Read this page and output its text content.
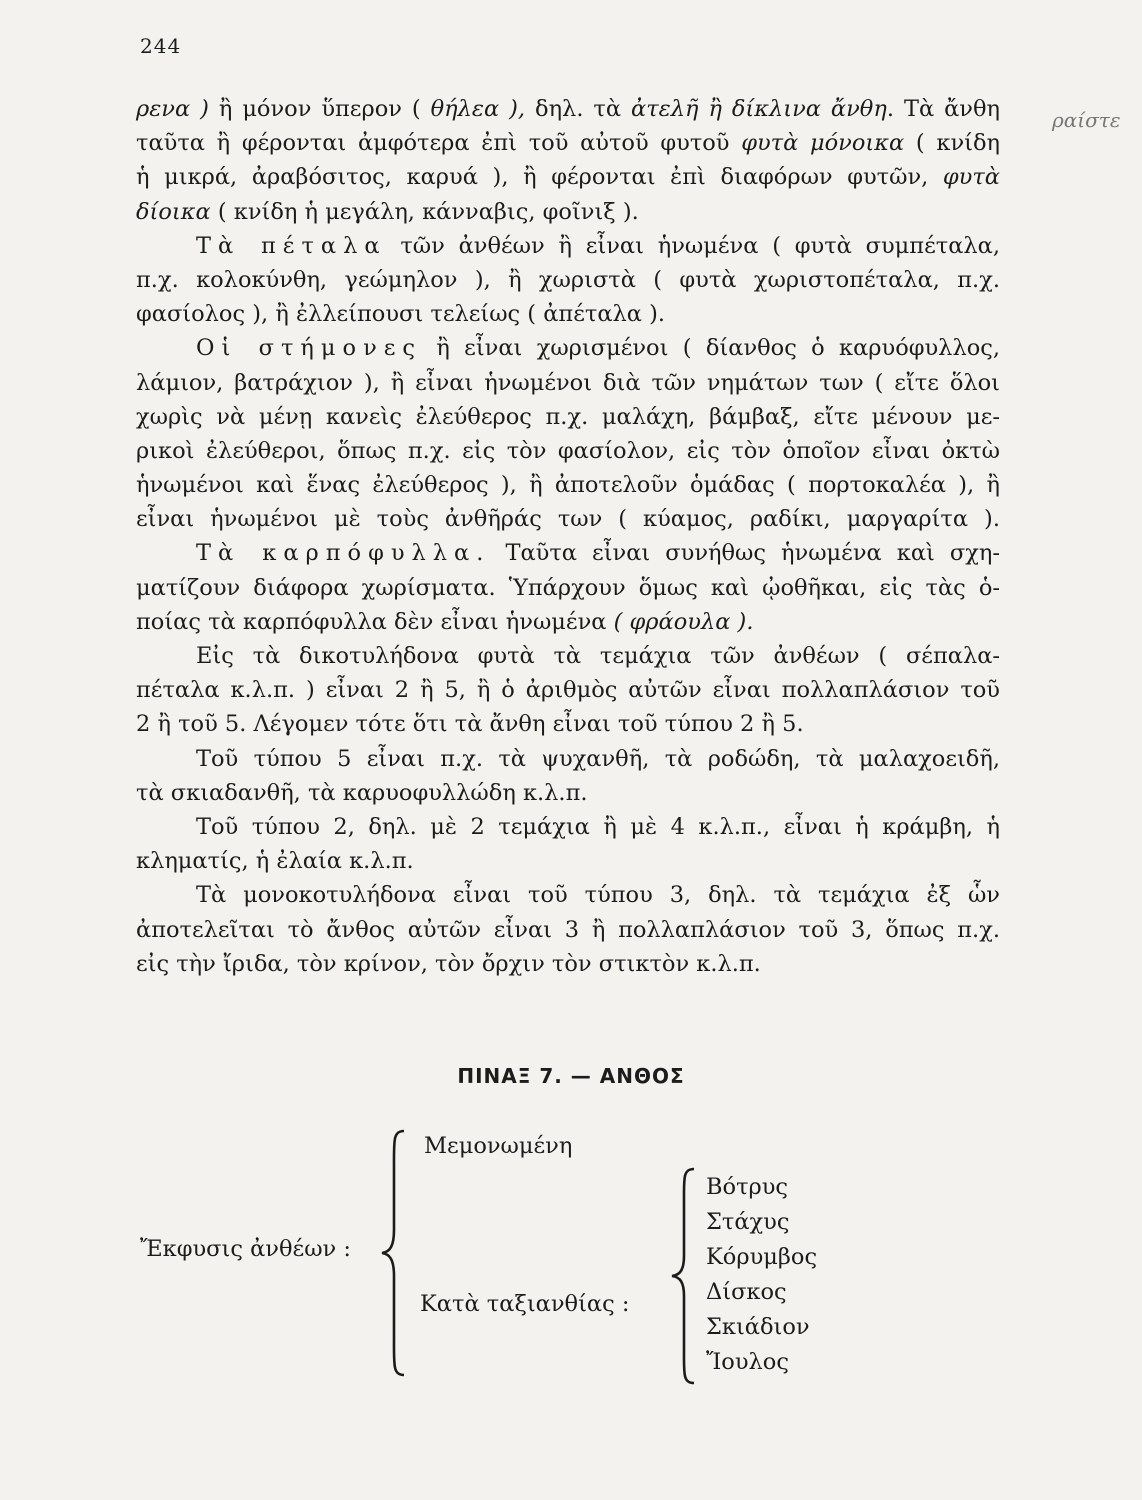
244
ραίστε
ρενα ) ἢ μόνον ὕπερον ( θήλεα ), δηλ. τὰ ἀτελῆ ἢ δίκλινα ἄνθη. Τὰ ἄνθη
ταῦτα ἢ φέρονται ἀμφότερα ἐπὶ τοῦ αὐτοῦ φυτοῦ φυτὰ μόνοικα ( κνίδη
ἡ μικρά, ἀραβόσιτος, καρυά ), ἢ φέρονται ἐπὶ διαφόρων φυτῶν, φυτὰ
δίοικα ( κνίδη ἡ μεγάλη, κάνναβις, φοῖνιξ ).
Τὰ πέταλα τῶν ἀνθέων ἢ εἶναι ἡνωμένα ( φυτὰ συμπέταλα,
π.χ. κολοκύνθη, γεώμηλον ), ἢ χωριστὰ ( φυτὰ χωριστοπέταλα, π.χ.
φασίολος ), ἢ ἐλλείπουσι τελείως ( ἀπέταλα ).
Οἱ στήμονες ἢ εἶναι χωρισμένοι ( δίανθος ὁ καρυόφυλλος,
λάμιον, βατράχιον ), ἢ εἶναι ἡνωμένοι διὰ τῶν νημάτων των ( εἴτε ὅλοι
χωρὶς νὰ μένῃ κανεὶς ἐλεύθερος π.χ. μαλάχη, βάμβαξ, εἴτε μένουν με-
ρικοὶ ἐλεύθεροι, ὅπως π.χ. εἰς τὸν φασίολον, εἰς τὸν ὁποῖον εἶναι ὀκτὼ
ἡνωμένοι καὶ ἕνας ἐλεύθερος ), ἢ ἀποτελοῦν ὁμάδας ( πορτοκαλέα ), ἢ
εἶναι ἡνωμένοι μὲ τοὺς ἀνθῆράς των ( κύαμος, ραδίκι, μαργαρίτα ).
Τὰ καρπόφυλλα. Ταῦτα εἶναι συνήθως ἡνωμένα καὶ σχη-
ματίζουν διάφορα χωρίσματα. Ὑπάρχουν ὅμως καὶ ᾠοθῆκαι, εἰς τὰς ὁ-
ποίας τὰ καρπόφυλλα δὲν εἶναι ἡνωμένα ( φράουλα ).
Εἰς τὰ δικοτυλήδονα φυτὰ τὰ τεμάχια τῶν ἀνθέων ( σέπαλα-
πέταλα κ.λ.π. ) εἶναι 2 ἢ 5, ἢ ὁ ἀριθμὸς αὐτῶν εἶναι πολλαπλάσιον τοῦ
2 ἢ τοῦ 5. Λέγομεν τότε ὅτι τὰ ἄνθη εἶναι τοῦ τύπου 2 ἢ 5.
Τοῦ τύπου 5 εἶναι π.χ. τὰ ψυχανθῆ, τὰ ροδώδη, τὰ μαλαχοειδῆ,
τὰ σκιαδανθῆ, τὰ καρυοφυλλώδη κ.λ.π.
Τοῦ τύπου 2, δηλ. μὲ 2 τεμάχια ἢ μὲ 4 κ.λ.π., εἶναι ἡ κράμβη, ἡ
κληματίς, ἡ ἐλαία κ.λ.π.
Τὰ μονοκοτυλήδονα εἶναι τοῦ τύπου 3, δηλ. τὰ τεμάχια ἐξ ὧν
ἀποτελεῖται τὸ ἄνθος αὐτῶν εἶναι 3 ἢ πολλαπλάσιον τοῦ 3, ὅπως π.χ.
εἰς τὴν ἴριδα, τὸν κρίνον, τὸν ὄρχιν τὸν στικτὸν κ.λ.π.
ΠΙΝΑΞ 7. — ΑΝΘΟΣ
Ἔκφυσις ἀνθέων :
Μεμονωμένη
Κατὰ ταξιανθίας :
Βότρυς
Στάχυς
Κόρυμβος
Δίσκος
Σκιάδιον
Ἴουλος
